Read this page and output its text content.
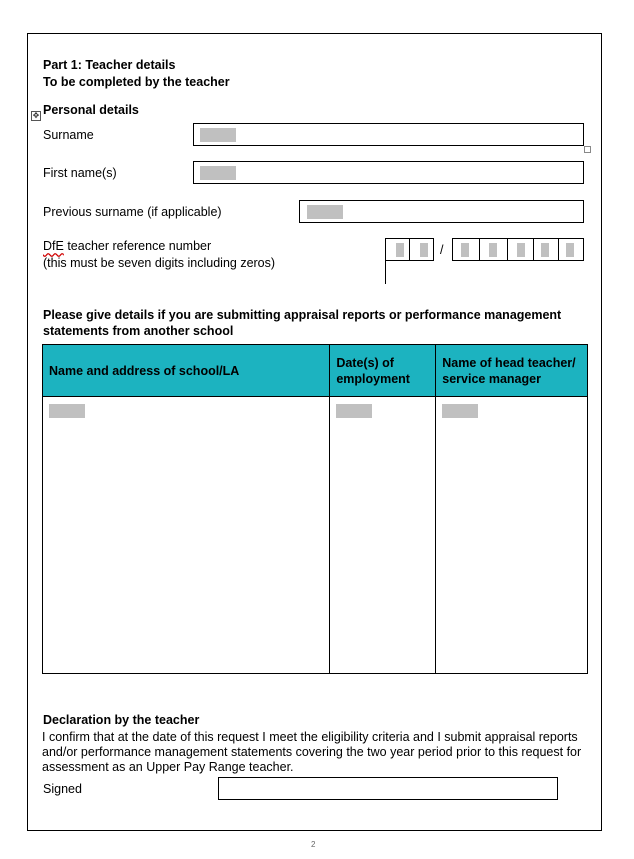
Part 1: Teacher details
To be completed by the teacher
✥ Personal details
Surname
First name(s)
Previous surname (if applicable)
DfE teacher reference number
(this must be seven digits including zeros)
/
Please give details if you are submitting appraisal reports or performance management
statements from another school
Name and address of school/LA	Date(s) of employment	Name of head teacher/ service manager

Declaration by the teacher
I confirm that at the date of this request I meet the eligibility criteria and I submit appraisal reports and/or performance management statements covering the two year period prior to this request for assessment as an Upper Pay Range teacher.
Signed
2
